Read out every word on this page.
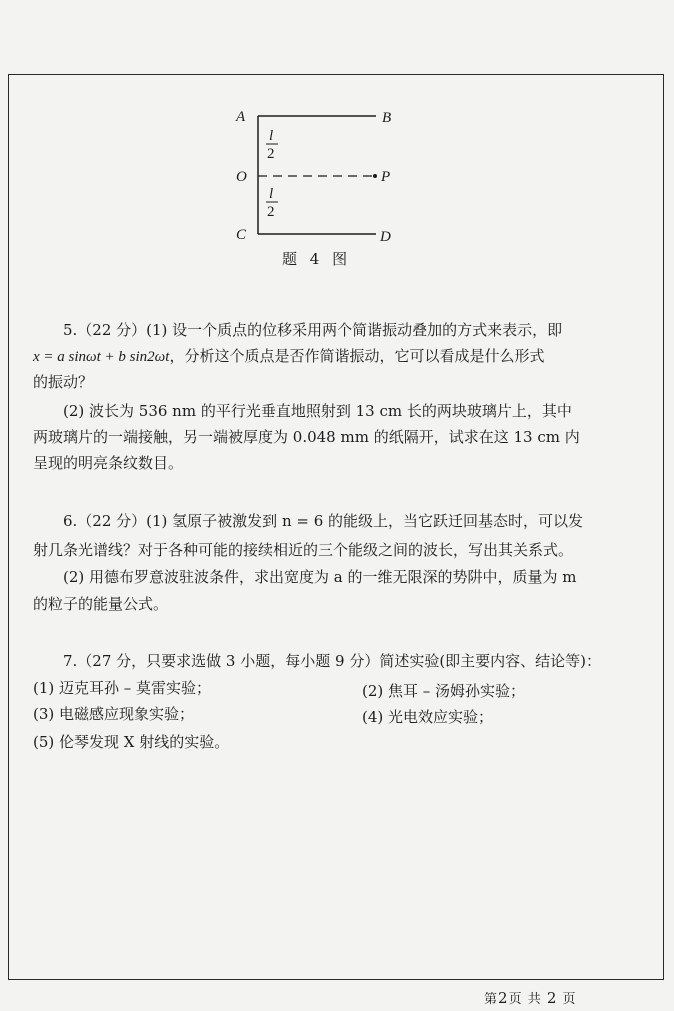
A	B
O	P
C	D
l
2
l
2
题 4 图
5.（22 分）(1) 设一个质点的位移采用两个简谐振动叠加的方式来表示，即
x = a sinωt + b sin2ωt，分析这个质点是否作简谐振动，它可以看成是什么形式
的振动？
(2) 波长为 536 nm 的平行光垂直地照射到 13 cm 长的两块玻璃片上，其中
两玻璃片的一端接触，另一端被厚度为 0.048 mm 的纸隔开，试求在这 13 cm 内
呈现的明亮条纹数目。
6.（22 分）(1) 氢原子被激发到 n = 6 的能级上，当它跃迁回基态时，可以发
射几条光谱线？对于各种可能的接续相近的三个能级之间的波长，写出其关系式。
(2) 用德布罗意波驻波条件，求出宽度为 a 的一维无限深的势阱中，质量为 m
的粒子的能量公式。
7.（27 分，只要求选做 3 小题，每小题 9 分）简述实验(即主要内容、结论等)：
(1) 迈克耳孙 – 莫雷实验；	(2) 焦耳 – 汤姆孙实验；
(3) 电磁感应现象实验；	(4) 光电效应实验；
(5) 伦琴发现 X 射线的实验。
第2页 共 2 页
